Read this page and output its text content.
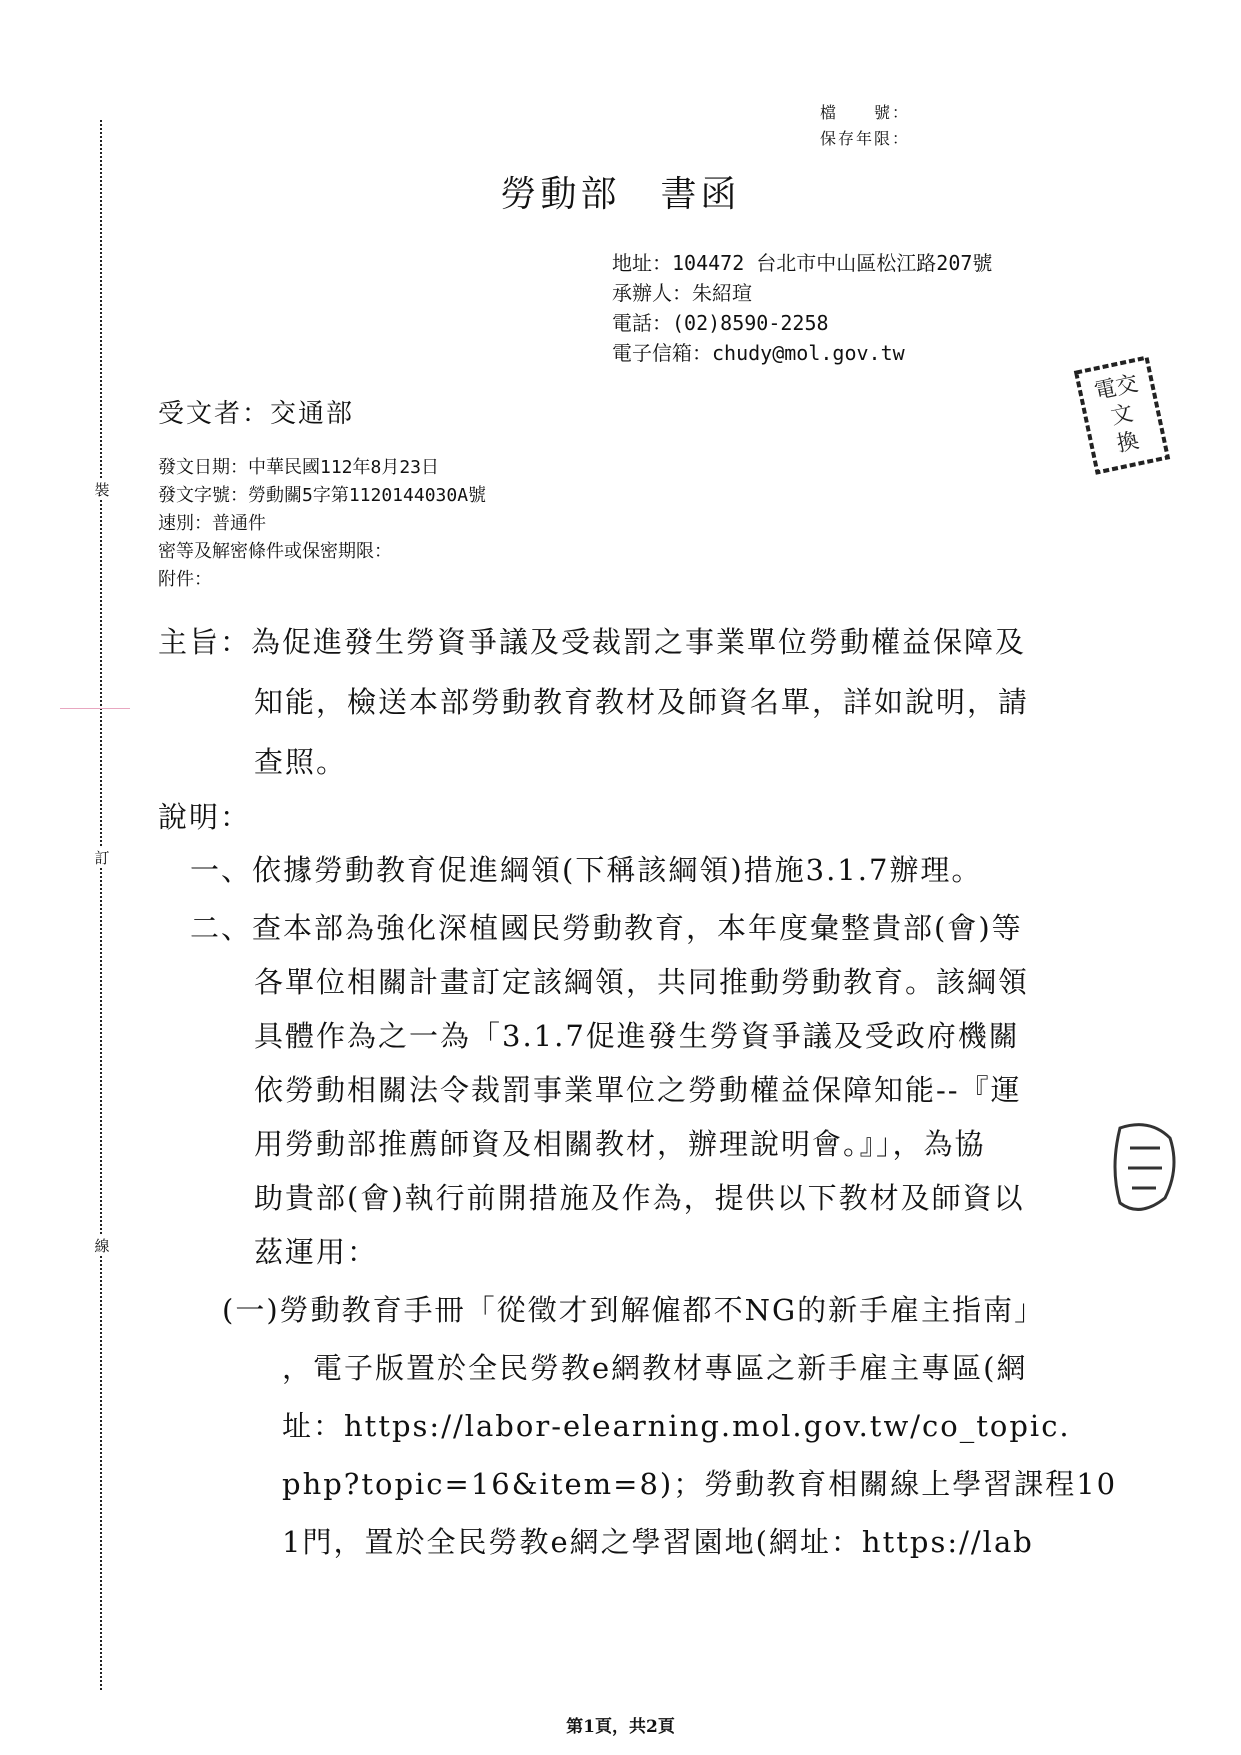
裝
訂
線
檔　　號：
保存年限：
勞動部 書函
地址：104472 台北市中山區松江路207號
承辦人：朱紹瑄
電話：(02)8590-2258
電子信箱：chudy@mol.gov.tw
電交
文
換
受文者：交通部
發文日期：中華民國112年8月23日
發文字號：勞動關5字第1120144030A號
速別：普通件
密等及解密條件或保密期限：
附件：
主旨：為促進發生勞資爭議及受裁罰之事業單位勞動權益保障及
知能，檢送本部勞動教育教材及師資名單，詳如說明，請
查照。
說明：
一、依據勞動教育促進綱領(下稱該綱領)措施3.1.7辦理。
二、查本部為強化深植國民勞動教育，本年度彙整貴部(會)等
各單位相關計畫訂定該綱領，共同推動勞動教育。該綱領
具體作為之一為「3.1.7促進發生勞資爭議及受政府機關
依勞動相關法令裁罰事業單位之勞動權益保障知能--『運
用勞動部推薦師資及相關教材，辦理說明會。』」，為協
助貴部(會)執行前開措施及作為，提供以下教材及師資以
茲運用：
(一)勞動教育手冊「從徵才到解僱都不NG的新手雇主指南」
，電子版置於全民勞教e網教材專區之新手雇主專區(網
址：https://labor-elearning.mol.gov.tw/co_topic.
php?topic=16&item=8)；勞動教育相關線上學習課程10
1門，置於全民勞教e網之學習園地(網址：https://lab
第1頁，共2頁
